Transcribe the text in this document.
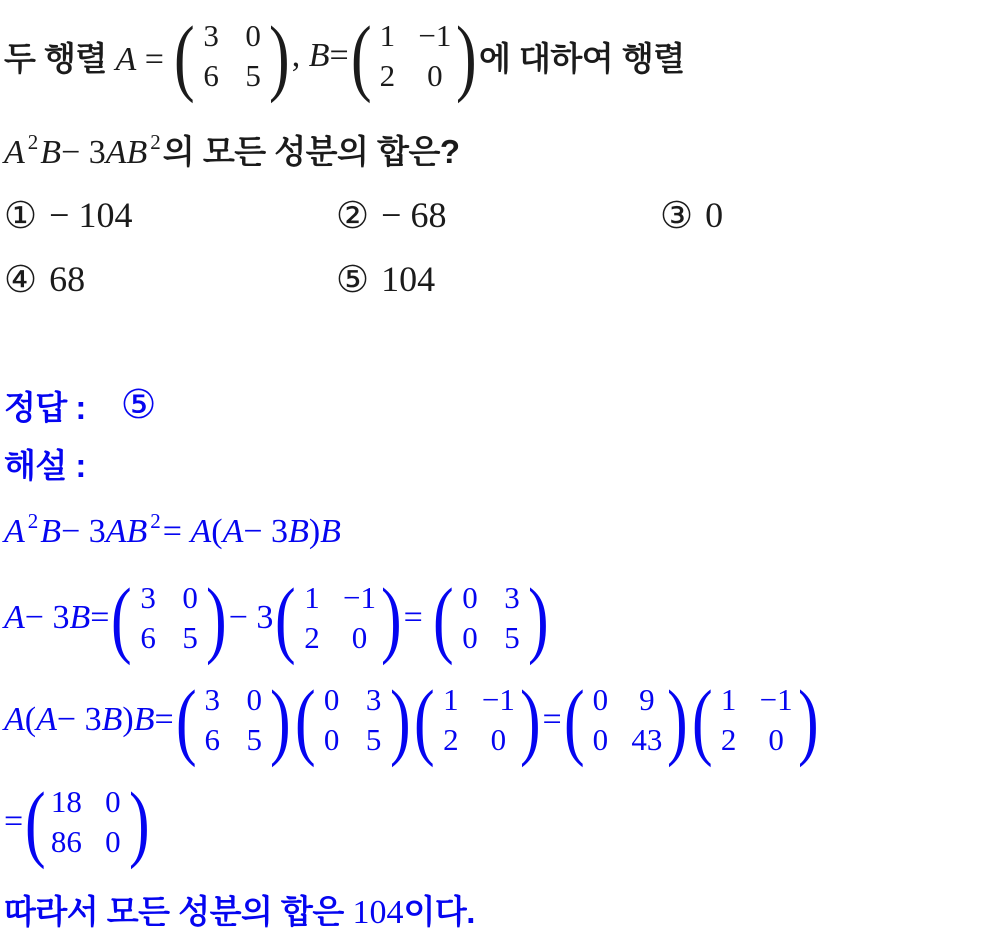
두 행렬 A = ( 3 0
6 5 ) , B= ( 1 −1
2 0 ) 에 대하여 행렬
A $^2$B− 3AB $^2$의 모든 성분의 합은?
① − 104	② − 68	③ 0
④ 68	⑤ 104
정답 : ⑤
해설 :
A $^2$B− 3AB $^2$= A(A− 3B)B
A− 3B= ( 3 0
6 5 ) − 3 ( 1 −1
2 0 ) = ( 0 3
0 5 )
A(A− 3B)B= ( 3 0
6 5 ) ( 0 3
0 5 ) ( 1 −1
2 0 ) = ( 0 9
0 43 ) ( 1 −1
2 0 )
= ( 18 0
86 0 )
따라서 모든 성분의 합은 104이다.
